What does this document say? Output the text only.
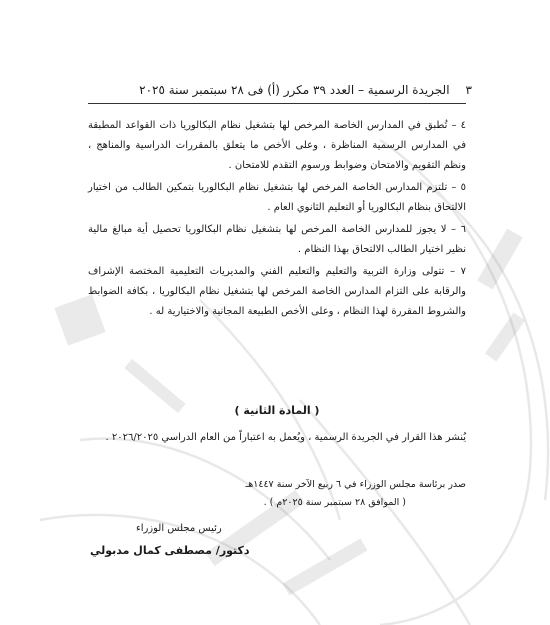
٣الجريدة الرسمية – العدد ٣٩ مكرر (أ) فى ٢٨ سبتمبر سنة ٢٠٢٥

٤ – تُطبق في المدارس الخاصة المرخص لها بتشغيل نظام البكالوريا ذات القواعد المطبقة في المدارس الرسمية المناظرة ، وعلى الأخص ما يتعلق بالمقررات الدراسية والمناهج ، ونظم التقويم والامتحان وضوابط ورسوم التقدم للامتحان .

٥ – تلتزم المدارس الخاصة المرخص لها بتشغيل نظام البكالوريا بتمكين الطالب من اختيار الالتحاق بنظام البكالوريا أو التعليم الثانوي العام .

٦ – لا يجوز للمدارس الخاصة المرخص لها بتشغيل نظام البكالوريا تحصيل أية مبالغ مالية نظير اختيار الطالب الالتحاق بهذا النظام .

٧ – تتولى وزارة التربية والتعليم والتعليم الفني والمديريات التعليمية المختصة الإشراف والرقابة على التزام المدارس الخاصة المرخص لها بتشغيل نظام البكالوريا ، بكافة الضوابط والشروط المقررة لهذا النظام ، وعلى الأخص الطبيعة المجانية والاختيارية له .

( المادة الثانية )
يُنشر هذا القرار في الجريدة الرسمية ، ويُعمل به اعتباراً من العام الدراسي ٢٠٢٦/٢٠٢٥ .
صدر برئاسة مجلس الوزراء في ٦ ربيع الآخر سنة ١٤٤٧هـ
( الموافق ٢٨ سبتمبر سنة ٢٠٢٥م ) .
رئيس مجلس الوزراء
دكتور/ مصطفى كمال مدبولي
